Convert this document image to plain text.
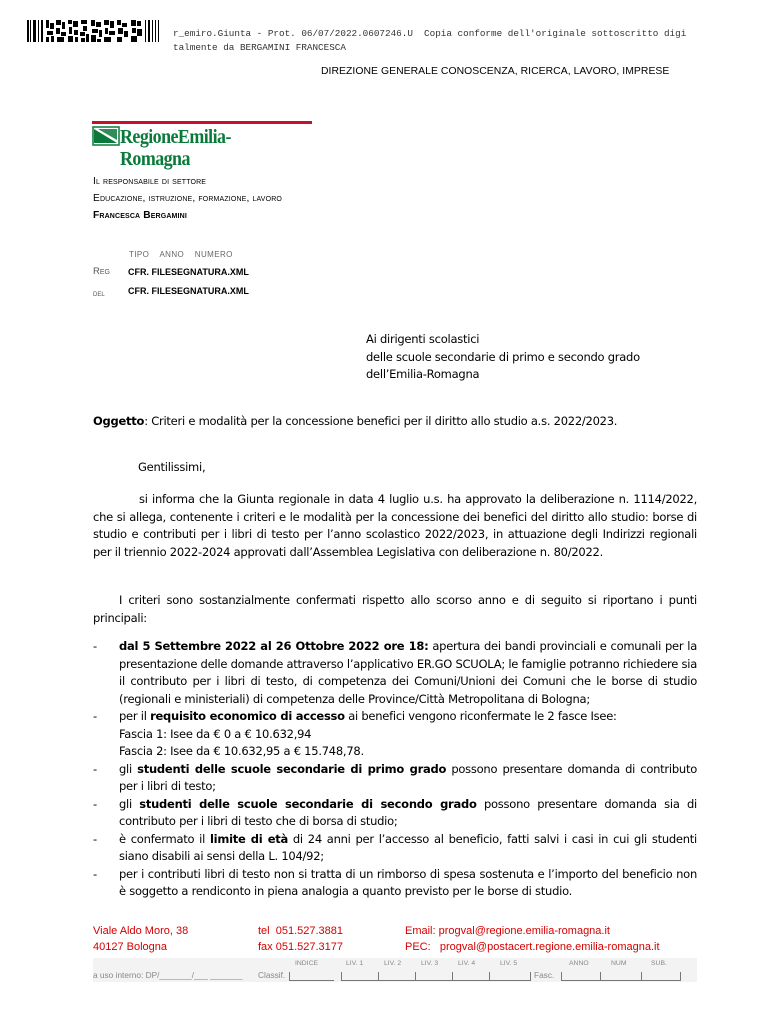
r_emiro.Giunta - Prot. 06/07/2022.0607246.U  Copia conforme dell'originale sottoscritto digi
talmente da BERGAMINI FRANCESCA
DIREZIONE GENERALE CONOSCENZA, RICERCA, LAVORO, IMPRESE
RegioneEmilia-Romagna
Il responsabile di settore
Educazione, istruzione, formazione, lavoro
Francesca Bergamini
TIPO ANNO NUMERO
Reg CFR. FILESEGNATURA.XML
del	CFR. FILESEGNATURA.XML
Ai dirigenti scolastici
delle scuole secondarie di primo e secondo grado
dell’Emilia-Romagna
Oggetto: Criteri e modalità per la concessione benefici per il diritto allo studio a.s. 2022/2023.
Gentilissimi,
si informa che la Giunta regionale in data 4 luglio u.s. ha approvato la deliberazione n. 1114/2022, che si allega, contenente i criteri e le modalità per la concessione dei benefici del diritto allo studio: borse di studio e contributi per i libri di testo per l’anno scolastico 2022/2023, in attuazione degli Indirizzi regionali per il triennio 2022-2024 approvati dall’Assemblea Legislativa con deliberazione n. 80/2022.
I criteri sono sostanzialmente confermati rispetto allo scorso anno e di seguito si riportano i punti principali:
- dal 5 Settembre 2022 al 26 Ottobre 2022 ore 18: apertura dei bandi provinciali e comunali per la presentazione delle domande attraverso l’applicativo ER.GO SCUOLA; le famiglie potranno richiedere sia il contributo per i libri di testo, di competenza dei Comuni/Unioni dei Comuni che le borse di studio (regionali e ministeriali) di competenza delle Province/Città Metropolitana di Bologna;
- per il requisito economico di accesso ai benefici vengono riconfermate le 2 fasce Isee:
Fascia 1: Isee da € 0 a € 10.632,94
Fascia 2: Isee da € 10.632,95 a € 15.748,78.
- gli studenti delle scuole secondarie di primo grado possono presentare domanda di contributo per i libri di testo;
- gli studenti delle scuole secondarie di secondo grado possono presentare domanda sia di contributo per i libri di testo che di borsa di studio;
- è confermato il limite di età di 24 anni per l’accesso al beneficio, fatti salvi i casi in cui gli studenti siano disabili ai sensi della L. 104/92;
- per i contributi libri di testo non si tratta di un rimborso di spesa sostenuta e l’importo del beneficio non è soggetto a rendiconto in piena analogia a quanto previsto per le borse di studio.
Viale Aldo Moro, 38
40127 Bologna
tel  051.527.3881
fax 051.527.3177
Email: progval@regione.emilia-romagna.it
PEC:   progval@postacert.regione.emilia-romagna.it
INDICE	LIV. 1	LIV. 2	LIV. 3	LIV. 4	LIV. 5	ANNO	NUM	SUB.
a uso interno: DP/_______/___ _______ Classif.	Fasc.
